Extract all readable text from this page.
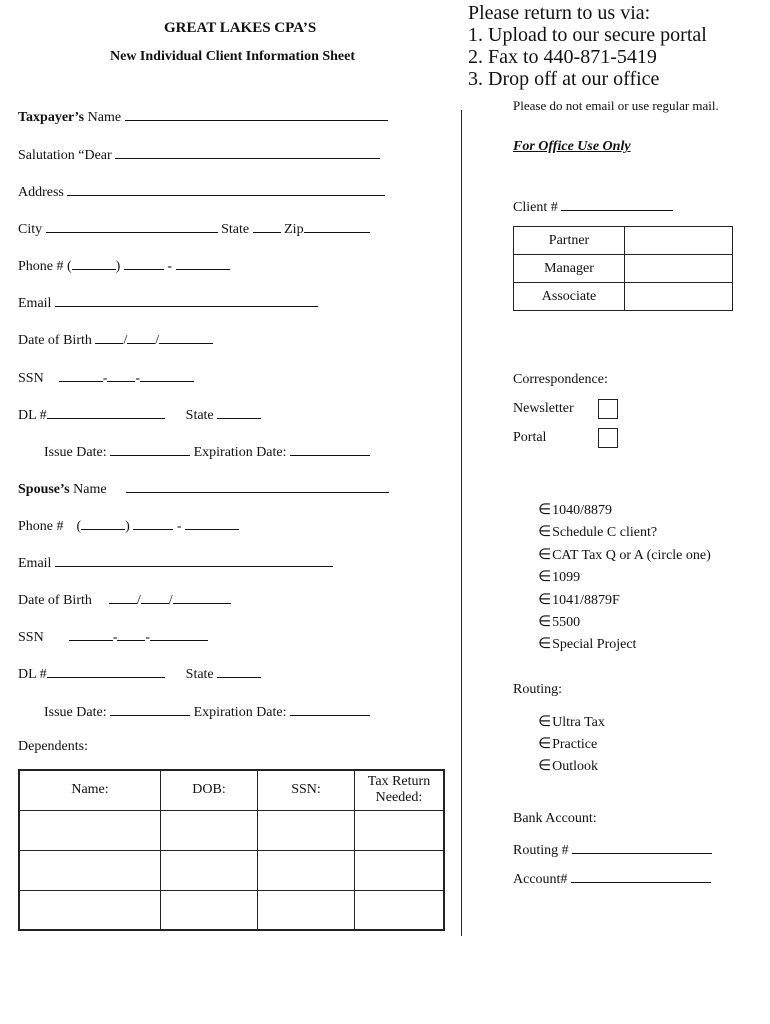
GREAT LAKES CPA’S
New Individual Client Information Sheet
Please return to us via:
1. Upload to our secure portal
2. Fax to 440-871-5419
3. Drop off at our office
Please do not email or use regular mail.
Taxpayer’s Name
Salutation “Dear
Address
City	State	Zip
Phone # (	)	-
Email
Date of Birth / /
SSN	- -
DL #	State
Issue Date:	Expiration Date:
Spouse’s Name
Phone # (	)	-
Email
Date of Birth	/ /
SSN	- -
DL #	State
Issue Date:	Expiration Date:
Dependents:
Name:	DOB:	SSN:	Tax Return Needed:

For Office Use Only
Client #
Partner	
Manager	
Associate	
Correspondence:
Newsletter
Portal
∈1040/8879
∈Schedule C client?
∈CAT Tax Q or A (circle one)
∈1099
∈1041/8879F
∈5500
∈Special Project
Routing:
∈Ultra Tax
∈Practice
∈Outlook
Bank Account:
Routing #
Account#
